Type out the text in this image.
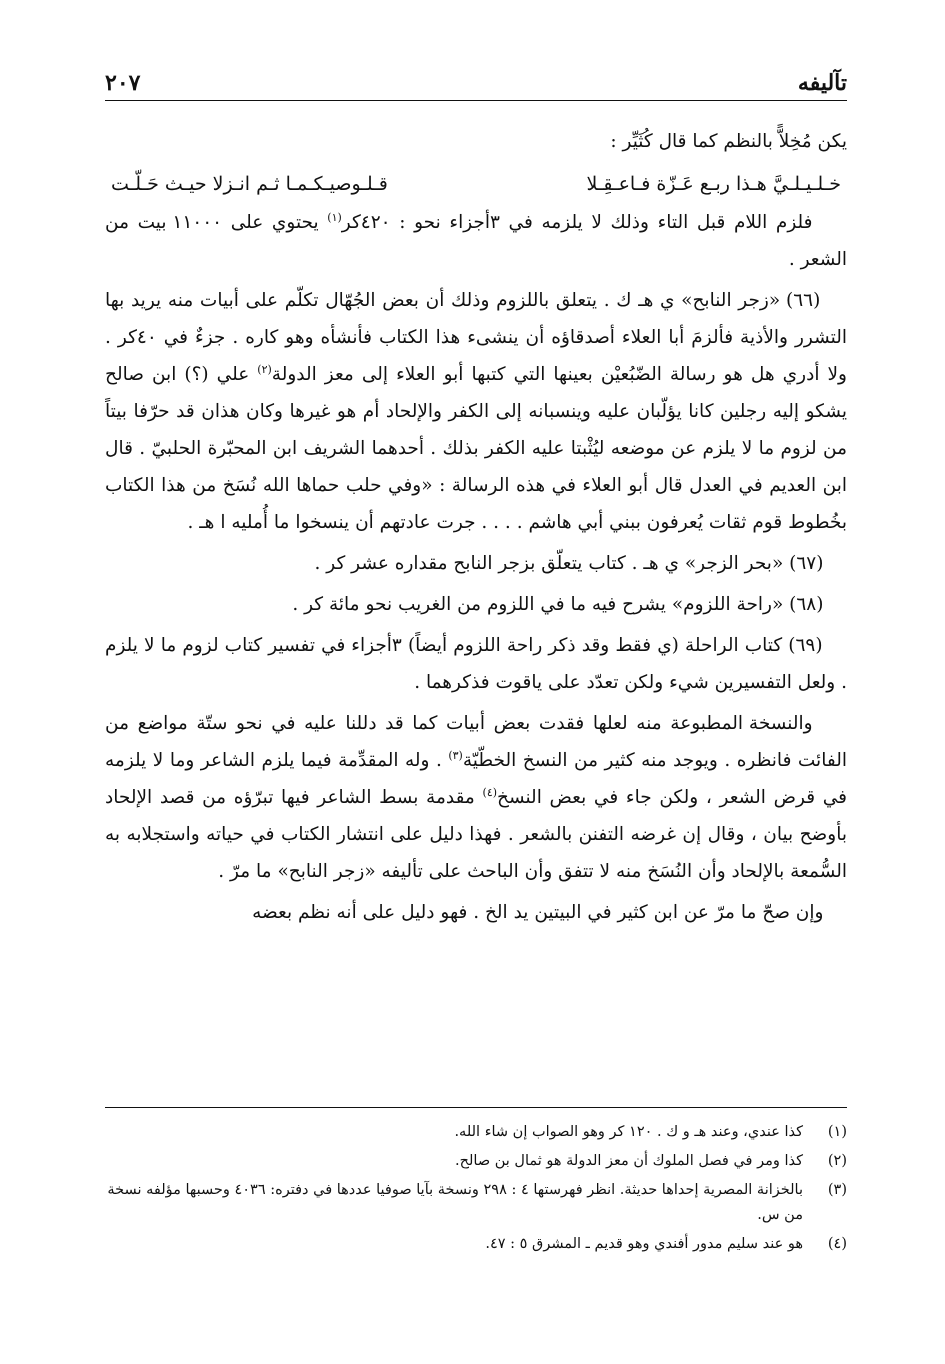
تآليفه
٢٠٧

يكن مُخِلاًّ بالنظم كما قال كُثَيِّر :

خـلـيـلـيَّ هـذا ربـع عَـزّة فـاعـقِـلا
قـلـوصيـكـمـا ثـم انـزلا حيـث حَـلّـت

فلزم اللام قبل التاء وذلك لا يلزمه في ٣أجزاء نحو : ٤٢٠كر$^{(١)}$ يحتوي على ١١٠٠٠ بيت من الشعر .

(٦٦) «زجر النابح» ي هـ ك . يتعلق باللزوم وذلك أن بعض الجُهّال تكلّم على أبيات منه يريد بها التشرر والأذية فألزمَ أبا العلاء أصدقاؤه أن ينشىء هذا الكتاب فأنشأه وهو كاره . جزءٌ في ٤٠كر . ولا أدري هل هو رسالة الضّبُعيْن بعينها التي كتبها أبو العلاء إلى معز الدولة$^{(٢)}$ علي (؟) ابن صالح يشكو إليه رجلين كانا يؤلّبان عليه وينسبانه إلى الكفر والإلحاد أم هو غيرها وكان هذان قد حرّفا بيتاً من لزوم ما لا يلزم عن موضعه ليُثْبتا عليه الكفر بذلك . أحدهما الشريف ابن المحبّرة الحلبيّ . قال ابن العديم في العدل قال أبو العلاء في هذه الرسالة : «وفي حلب حماها الله نُسَخ من هذا الكتاب بخُطوط قوم ثقات يُعرفون ببني أبي هاشم . . . . جرت عادتهم أن ينسخوا ما أُمليه ا هـ .

(٦٧) «بحر الزجر» ي هـ . كتاب يتعلّق بزجر النابح مقداره عشر كر .

(٦٨) «راحة اللزوم» يشرح فيه ما في اللزوم من الغريب نحو مائة كر .

(٦٩) كتاب الراحلة (ي فقط وقد ذكر راحة اللزوم أيضاً) ٣أجزاء في تفسير كتاب لزوم ما لا يلزم . ولعل التفسيرين شيء ولكن تعدّد على ياقوت فذكرهما .

والنسخة المطبوعة منه لعلها فقدت بعض أبيات كما قد دللنا عليه في نحو ستّة مواضع من الفائت فانظره . ويوجد منه كثير من النسخ الخطّيّة$^{(٣)}$ . وله المقدِّمة فيما يلزم الشاعر وما لا يلزمه في قرض الشعر ، ولكن جاء في بعض النسخ$^{(٤)}$ مقدمة بسط الشاعر فيها تبرّؤه من قصد الإلحاد بأوضح بيان ، وقال إن غرضه التفنن بالشعر . فهذا دليل على انتشار الكتاب في حياته واستجلابه به السُّمعة بالإلحاد وأن النُسَخ منه لا تتفق وأن الباحث على تأليفه «زجر النابح» ما مرّ .

وإن صحّ ما مرّ عن ابن كثير في البيتين يد الخ . فهو دليل على أنه نظم بعضه

(١)
كذا عندي، وعند هـ و ك . ١٢٠ كر وهو الصواب إن شاء الله.
(٢)
كذا ومر في فصل الملوك أن معز الدولة هو ثمال بن صالح.
(٣)
بالخزانة المصرية إحداها حديثة. انظر فهرستها ٤ : ٢٩٨ ونسخة بآيا صوفيا عددها في دفتره: ٤٠٣٦ وحسبها مؤلفه نسخة من س.
(٤)
هو عند سليم مدور أفندي وهو قديم ـ المشرق ٥ : ٤٧.
